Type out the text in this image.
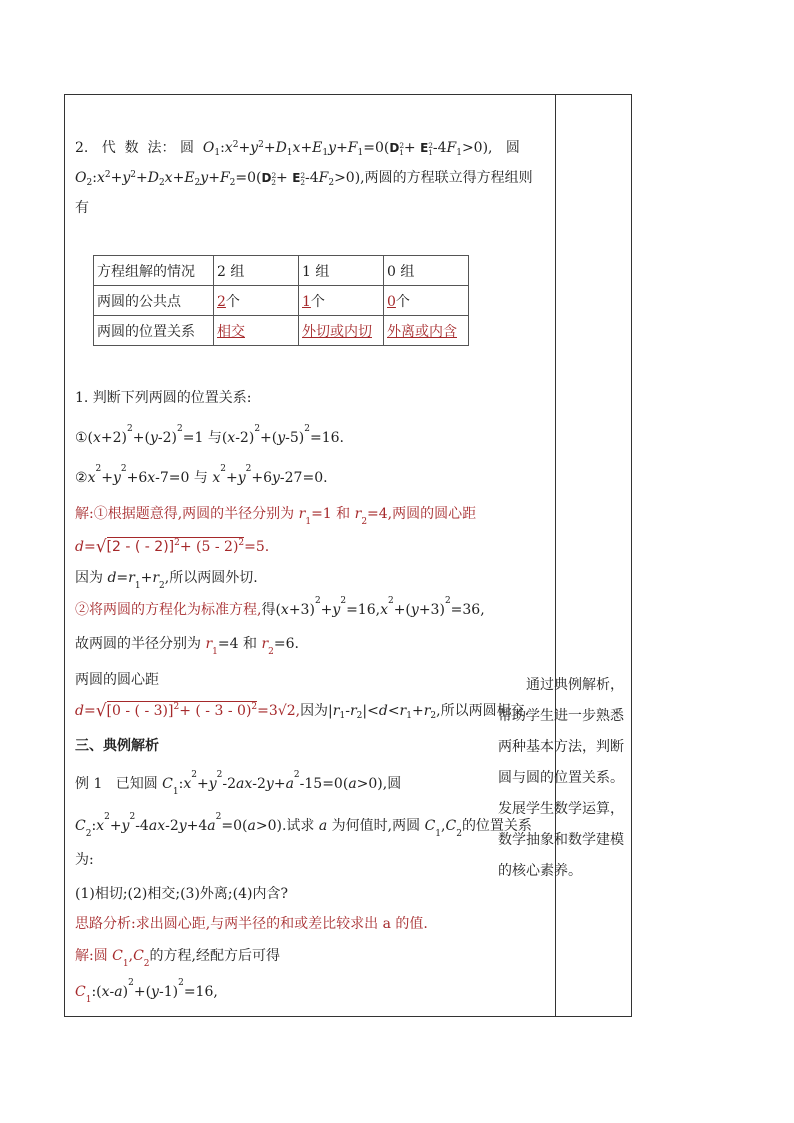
2.   代  数  法： 圆  $O_1:x^2+y^2+D_1x+E_1y+F_1=0(D^2_1+ E^2_1-4F_1>0)$,   圆
$O_2:x^2+y^2+D_2x+E_2y+F_2=0(D^2_2+ E^2_2-4F_2>0)$,两圆的方程联立得方程组则
有
方程组解的情况	2 组	1 组	0 组
两圆的公共点	2个	1个	0个
两圆的位置关系	相交	外切或内切	外离或内含
1. 判断下列两圆的位置关系:
$①(x+2)^2+(y-2)^2=1$ 与$(x-2)^2+(y-5)^2=16$.
$②x^2+y^2+6x-7=0$ 与 $x^2+y^2+6y-27=0$.
解:①根据题意得,两圆的半径分别为 $r_1=1$ 和 $r_2=4$,两圆的圆心距
d= √ [2 - ( - 2)]$^2$+ (5 - 2)$^2$=5.
因为 $d=r_1+r_2$,所以两圆外切.
②将两圆的方程化为标准方程,得$(x+3)^2+y^2=16,x^2+(y+3)^2=36$,
故两圆的半径分别为 $r_1=4$ 和 $r_2=6$.
两圆的圆心距
d= √ [0 - ( - 3)]$^2$+ ( - 3 - 0)$^2$=3√2,因为$|r_1-r_2|<d<r_1+r_2$,所以两圆相交.
三、典例解析
例 1   已知圆 $C_1:x^2+y^2-2ax-2y+a^2-15=0(a>0)$,圆
$C_2:x^2+y^2-4ax-2y+4a^2=0(a>0)$.试求 a 为何值时,两圆 $C_1,C_2$的位置关系
为:
(1)相切;(2)相交;(3)外离;(4)内含?
思路分析:求出圆心距,与两半径的和或差比较求出 a 的值.
解:圆 $C_1,C_2$的方程,经配方后可得
$C_1:(x-a)^2+(y-1)^2=16$,
通过典例解析，帮助学生进一步熟悉两种基本方法，判断圆与圆的位置关系。发展学生数学运算，数学抽象和数学建模的核心素养。
